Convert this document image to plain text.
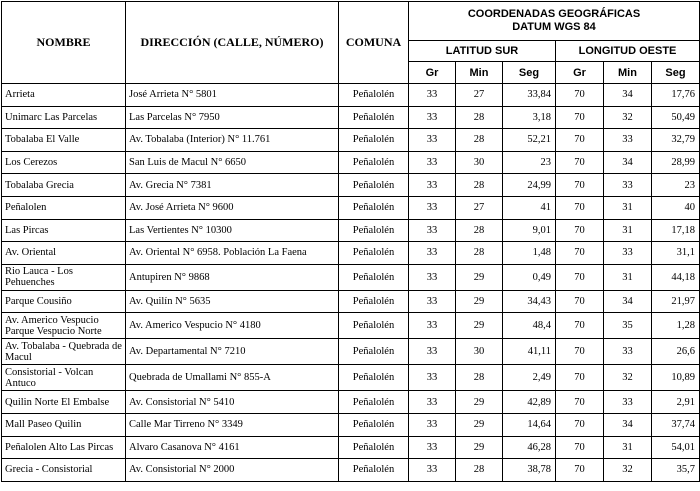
NOMBRE	DIRECCIÓN (CALLE, NÚMERO)	COMUNA	COORDENADAS GEOGRÁFICAS
DATUM WGS 84					
			LATITUD SUR			LONGITUD OESTE		
			Gr	Min	Seg	Gr	Min	Seg
Arrieta	José Arrieta N° 5801	Peñalolén	33	27	33,84	70	34	17,76
Unimarc Las Parcelas	Las Parcelas N° 7950	Peñalolén	33	28	3,18	70	32	50,49
Tobalaba El Valle	Av. Tobalaba (Interior) N° 11.761	Peñalolén	33	28	52,21	70	33	32,79
Los Cerezos	San Luis de Macul N° 6650	Peñalolén	33	30	23	70	34	28,99
Tobalaba Grecia	Av. Grecia N° 7381	Peñalolén	33	28	24,99	70	33	23
Peñalolen	Av. José Arrieta N° 9600	Peñalolén	33	27	41	70	31	40
Las Pircas	Las Vertientes N° 10300	Peñalolén	33	28	9,01	70	31	17,18
Av. Oriental	Av. Oriental N° 6958. Población La Faena	Peñalolén	33	28	1,48	70	33	31,1
Rio Lauca - Los Pehuenches	Antupiren N° 9868	Peñalolén	33	29	0,49	70	31	44,18
Parque Cousiño	Av. Quilín N° 5635	Peñalolén	33	29	34,43	70	34	21,97
Av. Americo Vespucio Parque Vespucio Norte	Av. Americo Vespucio N° 4180	Peñalolén	33	29	48,4	70	35	1,28
Av. Tobalaba - Quebrada de Macul	Av. Departamental N° 7210	Peñalolén	33	30	41,11	70	33	26,6
Consistorial - Volcan Antuco	Quebrada de Umallami N° 855-A	Peñalolén	33	28	2,49	70	32	10,89
Quilin Norte El Embalse	Av. Consistorial N° 5410	Peñalolén	33	29	42,89	70	33	2,91
Mall Paseo Quilin	Calle Mar Tirreno N° 3349	Peñalolén	33	29	14,64	70	34	37,74
Peñalolen Alto Las Pircas	Alvaro Casanova N° 4161	Peñalolén	33	29	46,28	70	31	54,01
Grecia - Consistorial	Av. Consistorial N° 2000	Peñalolén	33	28	38,78	70	32	35,7
